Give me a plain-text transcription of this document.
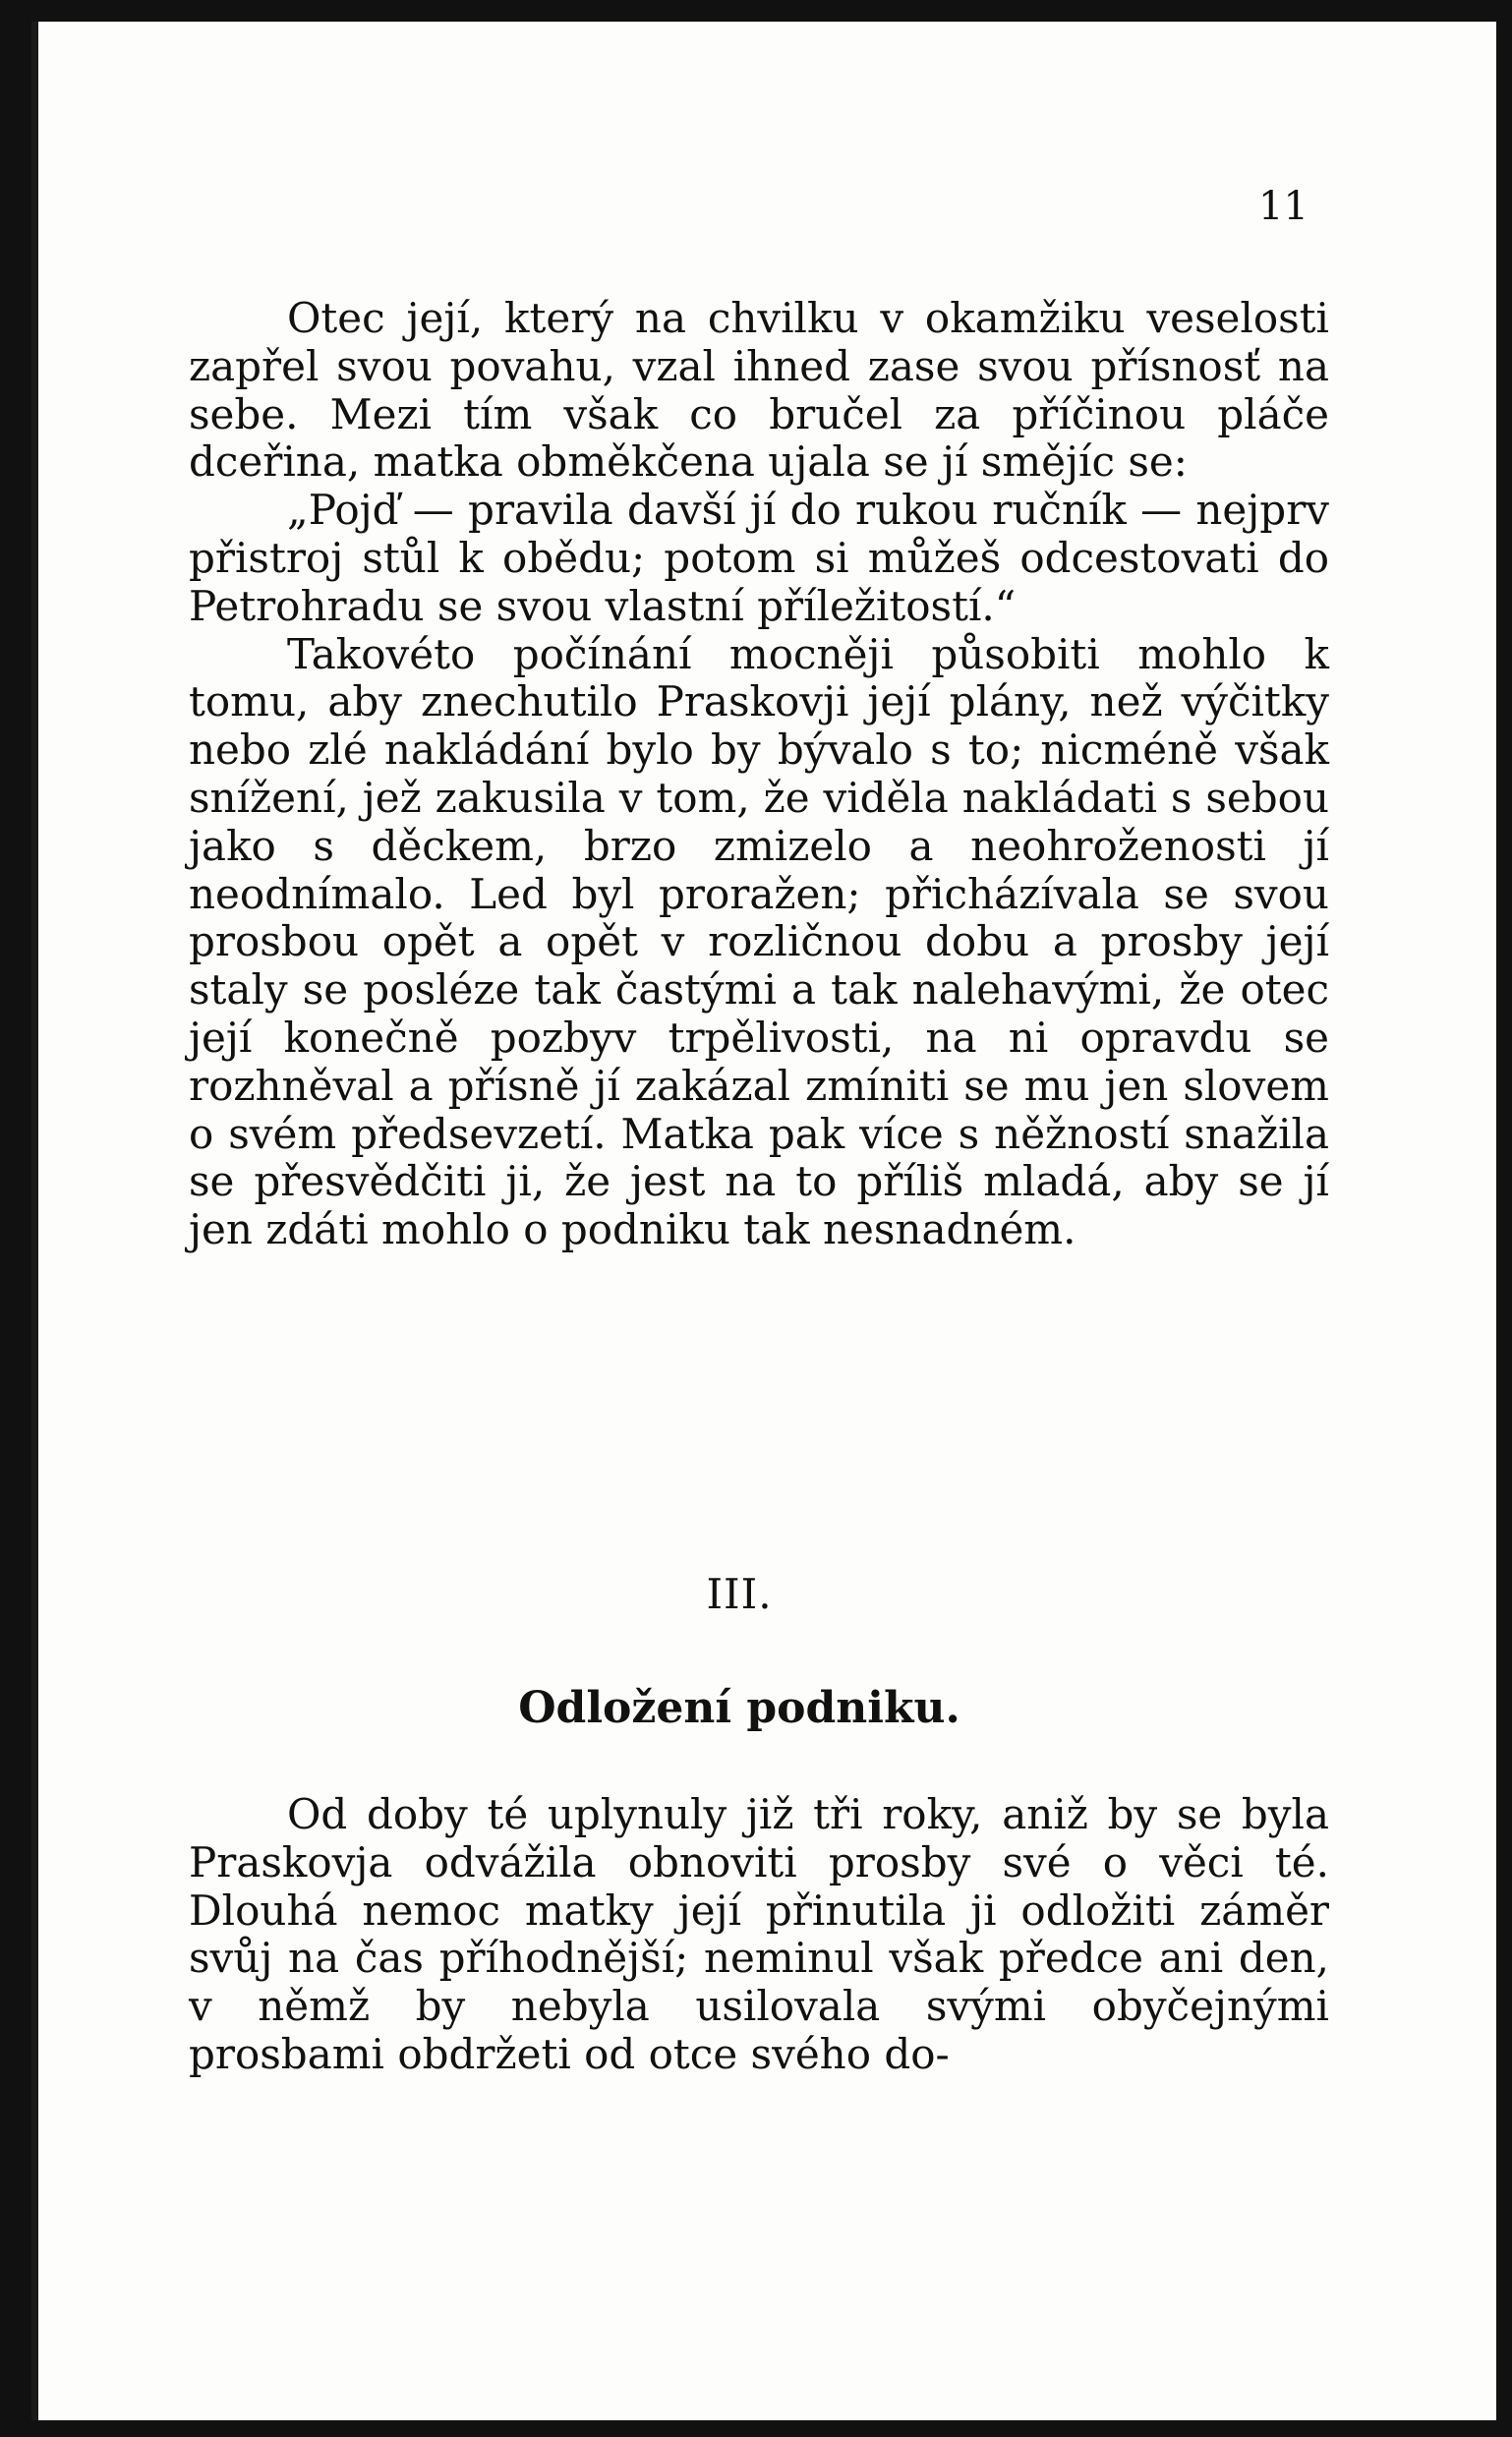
11

Otec její, který na chvilku v okamžiku veselosti zapřel svou povahu, vzal ihned zase svou přísnosť na sebe. Mezi tím však co bručel za příčinou pláče dceřina, matka obměkčena ujala se jí smějíc se:

„Pojď — pravila davší jí do rukou ručník — nejprv přistroj stůl k obědu; potom si můžeš odcestovati do Petrohradu se svou vlastní příležitostí.“

Takovéto počínání mocněji působiti mohlo k tomu, aby znechutilo Praskovji její plány, než výčitky nebo zlé nakládání bylo by bývalo s to; nicméně však snížení, jež zakusila v tom, že viděla nakládati s sebou jako s děckem, brzo zmizelo a neohroženosti jí neodnímalo. Led byl proražen; přicházívala se svou prosbou opět a opět v rozličnou dobu a prosby její staly se posléze tak častými a tak nalehavými, že otec její konečně pozbyv trpělivosti, na ni opravdu se rozhněval a přísně jí zakázal zmíniti se mu jen slovem o svém předsevzetí. Matka pak více s něžností snažila se přesvědčiti ji, že jest na to příliš mladá, aby se jí jen zdáti mohlo o podniku tak nesnadném.

III.
Odložení podniku.

Od doby té uplynuly již tři roky, aniž by se byla Praskovja odvážila obnoviti prosby své o věci té. Dlouhá nemoc matky její přinutila ji odložiti záměr svůj na čas příhodnější; neminul však předce ani den, v němž by nebyla usilovala svými obyčejnými prosbami obdržeti od otce svého do-
